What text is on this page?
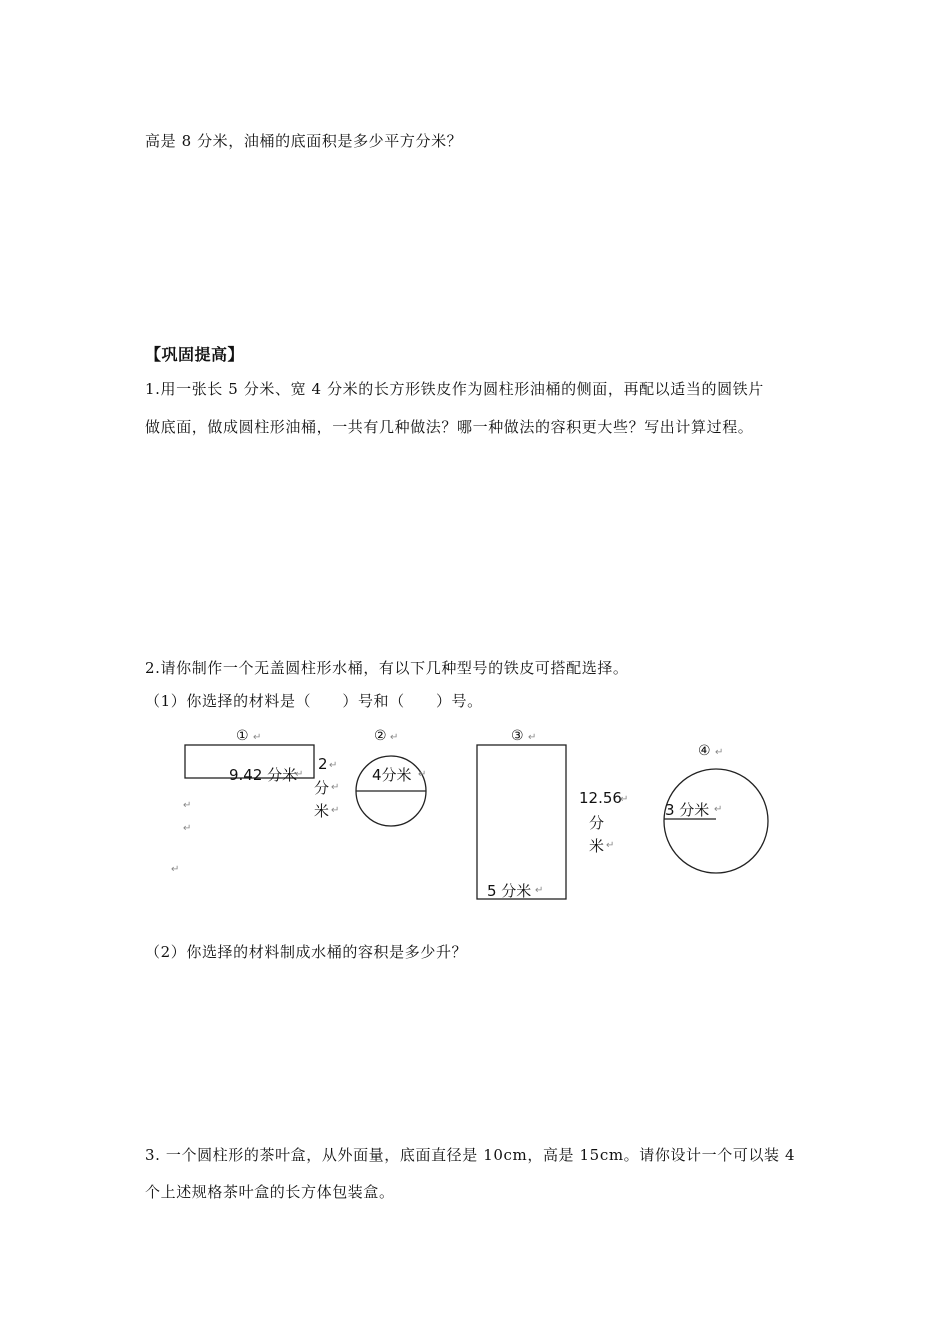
高是 8 分米，油桶的底面积是多少平方分米？

【巩固提高】

1.用一张长 5 分米、宽 4 分米的长方形铁皮作为圆柱形油桶的侧面，再配以适当的圆铁片

做底面，做成圆柱形油桶，一共有几种做法？哪一种做法的容积更大些？写出计算过程。

2.请你制作一个无盖圆柱形水桶，有以下几种型号的铁皮可搭配选择。

（1）你选择的材料是（　　）号和（　　）号。

① ↵
9.42 分米
↵
2 ↵
分 ↵
米 ↵
↵
↵
↵
② ↵
4分米 ↵
③ ↵
12.56
↵
分
米 ↵
5 分米 ↵
④ ↵
3 分米 ↵

（2）你选择的材料制成水桶的容积是多少升？

3. 一个圆柱形的茶叶盒，从外面量，底面直径是 10cm，高是 15cm。请你设计一个可以装 4

个上述规格茶叶盒的长方体包装盒。
